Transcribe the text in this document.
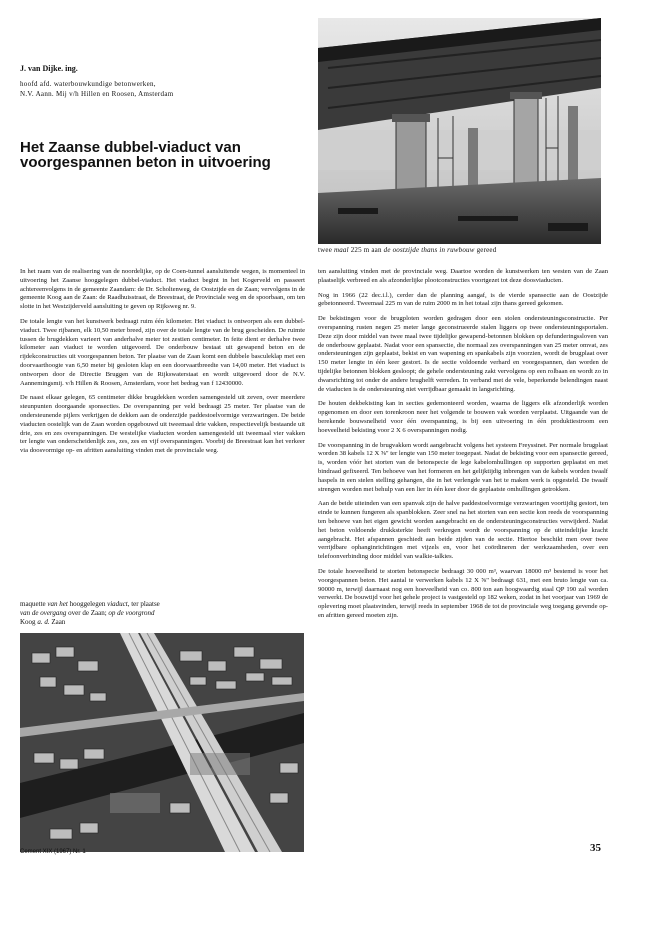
J. van Dijke. ing.
hoofd afd. waterbouwkundige betonwerken,
N.V. Aann. Mij v/h Hillen en Roosen, Amsterdam
Het Zaanse dubbel-viaduct van
voorgespannen beton in uitvoering
twee maal 225 m aan de oostzijde thans in ruwbouw gereed

In het raam van de realisering van de noordelijke, op de Coen-tunnel aansluitende wegen, is momenteel in uitvoering het Zaanse hooggelegen dubbel-viaduct. Het viaduct begint in het Kogerveld en passeert achtereenvolgens in de gemeente Zaandam: de Dr. Scholtenweg, de Oostzijde en de Zaan; vervolgens in de gemeente Koog aan de Zaan: de Raadhuisstraat, de Breestraat, de Provinciale weg en de spoorbaan, om ten slotte in het Westzijderveld aansluiting te geven op Rijksweg nr. 9.

De totale lengte van het kunstwerk bedraagt ruim één kilometer. Het viaduct is ontworpen als een dubbel-viaduct. Twee rijbanen, elk 10,50 meter breed, zijn over de totale lengte van de brug gescheiden. De ruimte tussen de brugdekken varieert van anderhalve meter tot zestien centimeter. In feite dient er derhalve twee kilometer aan viaduct te worden uitgevoerd. De onderbouw bestaat uit gewapend beton en de rijdekconstructies uit voorgespannen beton. Ter plaatse van de Zaan komt een dubbele basculeklap met een doorvaarthoogte van 6,50 meter bij gesloten klap en een doorvaartbreedte van 14,00 meter. Het viaduct is ontworpen door de Directie Bruggen van de Rijkswaterstaat en wordt uitgevoerd door de N.V. Aannemingsmij. v/h Hillen & Roosen, Amsterdam, voor het bedrag van f 12430000.

De naast elkaar gelegen, 65 centimeter dikke brugdekken worden samengesteld uit zeven, over meerdere steunpunten doorgaande sponsecties. De overspanning per veld bedraagt 25 meter. Ter plaatse van de ondersteunende pijlers verkrijgen de dekken aan de onderzijde paddestoelvormige verzwaringen. De beide viaducten oostelijk van de Zaan worden opgebouwd uit tweemaal drie vakken, respectievelijk bestaande uit drie, zes en zes overspanningen. De westelijke viaducten worden samengesteld uit tweemaal vier vakken ter lengte van onderscheidenlijk zes, zes, zes en vijf overspanningen. Voorbij de Breestraat kan het verkeer via doosvormige op- en afritten aansluiting vinden met de provinciale weg.

maquette van het hooggelegen viaduct, ter plaatse
van de overgang over de Zaan; op de voorgrond
Koog a. d. Zaan

ten aansluiting vinden met de provinciale weg. Daartoe worden de kunstwerken ten westen van de Zaan plaatselijk verbreed en als afzonderlijke plootconstructies voortgezet tot deze doosviaducten.

Nog in 1966 (22 dec.i.l.), cerder dan de planning aangaf, is de vierde spansectie aan de Oostzijde gebetonneerd. Tweemaal 225 m van de ruim 2000 m in het totaal zijn thans gereed gekomen.

De bekistingen voor de brugploten worden gedragen door een stolen ondersteuningsconstructie. Per overspanning rusten negen 25 meter lange geconstrueerde stalen liggers op twee ondersteuningsportalen. Deze zijn door middel van twee maal twee tijdelijke gewapend-betonnen blokken op defunderingssloven van de onderbouw geplaatst. Nadat voor een spansectie, die normaal zes overspanningen van 25 meter omvat, zes ondersteuningen zijn geplaatst, bekist en van wapening en spankabels zijn voorzien, wordt de brugplaat over 150 meter lengte in één keer gestort. Is de sectie voldoende verhard en voorgespannen, dan worden de tijdelijke betonnen blokken gesloopt; de gehele ondersteuning zakt vervolgens op een rolbaan en wordt zo in dwarsrichting tot onder de andere brughelft verreden. In verband met de vele, beperkende belendingen naast de viaducten is de ondersteuning niet verrijdbaar gemaakt in langsrichting.

De houten dekbekisting kan in secties gedemonteerd worden, waarna de liggers elk afzonderlijk worden opgenomen en door een torenkroon neer het volgende te bouwen vak worden verplaatst. Uitgaande van de berekende bouwsnelheid voor één overspanning, is bij een uitvoering in één produktiestroom een hoeveelheid bekisting voor 2 X 6 overspanningen nodig.

De voorspanning in de brugvakken wordt aangebracht volgens het systeem Freyssinet. Per normale brugplaat worden 38 kabels 12 X ⅝" ter lengte van 150 meter toegepast. Nadat de bekisting voor een spansectie gereed, is, worden vóór het storten van de betonspecie de lege kabelomhullingen op supporten geplaatst en met bindraad gefixeerd. Ten behoeve van het formeren en het gelijktijdig inbrengen van de kabels worden twaalf haspels in een stelen stelling gehangen, die in het verlengde van het te maken werk is opgesteld. De twaalf strengen worden met behulp van een lier in één keer door de geplaatste omhullingen getrokken.

Aan de beide uiteinden van een spanvak zijn de halve paddestoelvormige verzwaringen voortijdig gestort, ten einde te kunnen fungeren als spanblokken. Zeer snel na het storten van een sectie kon reeds de voorspanning ten behoeve van het eigen gewicht worden aangebracht en de ondersteuningsconstructies verwijderd. Nadat het beton voldoende drukksterkte heeft verkregen wordt de voorspanning op de uiteindelijke kracht aangebracht. Het afspannen geschiedt aan beide zijden van de sectie. Hiertoe beschikt men over twee verrijdbare ophanginrichtingen met vijzels en, voor het coördineren der werkzaamheden, over een telefoonverbinding door middel van walkie-talkies.

De totale hoeveelheid te storten betonspecie bedraagt 30 000 m³, waarvan 18000 m³ bestemd is voor het voorgespannen beton. Het aantal te verwerken kabels 12 X ⅝" bedraagt 631, met een bruto lengte van ca. 90000 m, terwijl daarnaast nog een hoeveelheid van co. 800 ton aan hoogwaardig staal QP 190 zal worden verwerkt. De bouwtijd voor het gehele project is vastgesteld op 182 weken, zodat in het voorjaar van 1969 de oplevering moet plaatsvinden, terwijl reeds in september 1968 de tot de provinciale weg toegang gevende op- en afritten gereed moeten zijn.

Cement XIX (1967) Nr. 1	35
